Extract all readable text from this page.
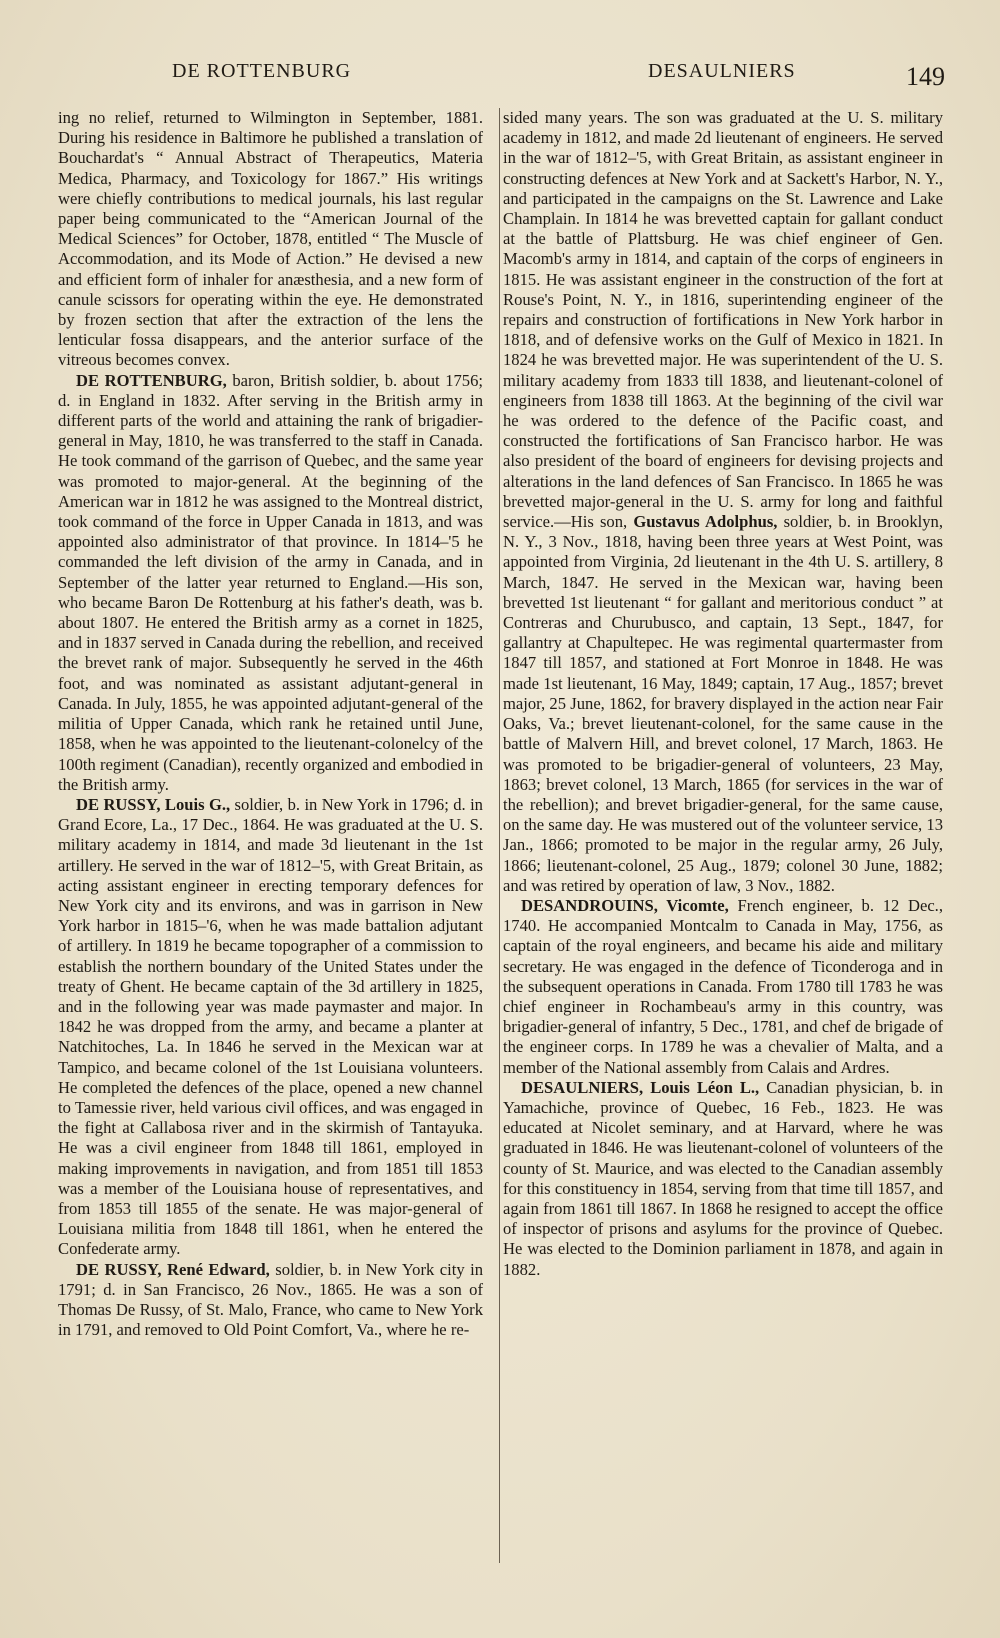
DE ROTTENBURG	DESAULNIERS	149

ing no relief, returned to Wilmington in September, 1881. During his residence in Baltimore he published a translation of Bouchardat's “ Annual Abstract of Therapeutics, Materia Medica, Pharmacy, and Toxicology for 1867.” His writings were chiefly contributions to medical journals, his last regular paper being communicated to the “American Journal of the Medical Sciences” for October, 1878, entitled “ The Muscle of Accommodation, and its Mode of Action.” He devised a new and efficient form of inhaler for anæsthesia, and a new form of canule scissors for operating within the eye. He demonstrated by frozen section that after the extraction of the lens the lenticular fossa disappears, and the anterior surface of the vitreous becomes convex.

DE ROTTENBURG, baron, British soldier, b. about 1756; d. in England in 1832. After serving in the British army in different parts of the world and attaining the rank of brigadier-general in May, 1810, he was transferred to the staff in Canada. He took command of the garrison of Quebec, and the same year was promoted to major-general. At the beginning of the American war in 1812 he was assigned to the Montreal district, took command of the force in Upper Canada in 1813, and was appointed also administrator of that province. In 1814–'5 he commanded the left division of the army in Canada, and in September of the latter year returned to England.—His son, who became Baron De Rottenburg at his father's death, was b. about 1807. He entered the British army as a cornet in 1825, and in 1837 served in Canada during the rebellion, and received the brevet rank of major. Subsequently he served in the 46th foot, and was nominated as assistant adjutant-general in Canada. In July, 1855, he was appointed adjutant-general of the militia of Upper Canada, which rank he retained until June, 1858, when he was appointed to the lieutenant-colonelcy of the 100th regiment (Canadian), recently organized and embodied in the British army.

DE RUSSY, Louis G., soldier, b. in New York in 1796; d. in Grand Ecore, La., 17 Dec., 1864. He was graduated at the U. S. military academy in 1814, and made 3d lieutenant in the 1st artillery. He served in the war of 1812–'5, with Great Britain, as acting assistant engineer in erecting temporary defences for New York city and its environs, and was in garrison in New York harbor in 1815–'6, when he was made battalion adjutant of artillery. In 1819 he became topographer of a commission to establish the northern boundary of the United States under the treaty of Ghent. He became captain of the 3d artillery in 1825, and in the following year was made paymaster and major. In 1842 he was dropped from the army, and became a planter at Natchitoches, La. In 1846 he served in the Mexican war at Tampico, and became colonel of the 1st Louisiana volunteers. He completed the defences of the place, opened a new channel to Tamessie river, held various civil offices, and was engaged in the fight at Callabosa river and in the skirmish of Tantayuka. He was a civil engineer from 1848 till 1861, employed in making improvements in navigation, and from 1851 till 1853 was a member of the Louisiana house of representatives, and from 1853 till 1855 of the senate. He was major-general of Louisiana militia from 1848 till 1861, when he entered the Confederate army.

DE RUSSY, René Edward, soldier, b. in New York city in 1791; d. in San Francisco, 26 Nov., 1865. He was a son of Thomas De Russy, of St. Malo, France, who came to New York in 1791, and removed to Old Point Comfort, Va., where he re-

sided many years. The son was graduated at the U. S. military academy in 1812, and made 2d lieutenant of engineers. He served in the war of 1812–'5, with Great Britain, as assistant engineer in constructing defences at New York and at Sackett's Harbor, N. Y., and participated in the campaigns on the St. Lawrence and Lake Champlain. In 1814 he was brevetted captain for gallant conduct at the battle of Plattsburg. He was chief engineer of Gen. Macomb's army in 1814, and captain of the corps of engineers in 1815. He was assistant engineer in the construction of the fort at Rouse's Point, N. Y., in 1816, superintending engineer of the repairs and construction of fortifications in New York harbor in 1818, and of defensive works on the Gulf of Mexico in 1821. In 1824 he was brevetted major. He was superintendent of the U. S. military academy from 1833 till 1838, and lieutenant-colonel of engineers from 1838 till 1863. At the beginning of the civil war he was ordered to the defence of the Pacific coast, and constructed the fortifications of San Francisco harbor. He was also president of the board of engineers for devising projects and alterations in the land defences of San Francisco. In 1865 he was brevetted major-general in the U. S. army for long and faithful service.—His son, Gustavus Adolphus, soldier, b. in Brooklyn, N. Y., 3 Nov., 1818, having been three years at West Point, was appointed from Virginia, 2d lieutenant in the 4th U. S. artillery, 8 March, 1847. He served in the Mexican war, having been brevetted 1st lieutenant “ for gallant and meritorious conduct ” at Contreras and Churubusco, and captain, 13 Sept., 1847, for gallantry at Chapultepec. He was regimental quartermaster from 1847 till 1857, and stationed at Fort Monroe in 1848. He was made 1st lieutenant, 16 May, 1849; captain, 17 Aug., 1857; brevet major, 25 June, 1862, for bravery displayed in the action near Fair Oaks, Va.; brevet lieutenant-colonel, for the same cause in the battle of Malvern Hill, and brevet colonel, 17 March, 1863. He was promoted to be brigadier-general of volunteers, 23 May, 1863; brevet colonel, 13 March, 1865 (for services in the war of the rebellion); and brevet brigadier-general, for the same cause, on the same day. He was mustered out of the volunteer service, 13 Jan., 1866; promoted to be major in the regular army, 26 July, 1866; lieutenant-colonel, 25 Aug., 1879; colonel 30 June, 1882; and was retired by operation of law, 3 Nov., 1882.

DESANDROUINS, Vicomte, French engineer, b. 12 Dec., 1740. He accompanied Montcalm to Canada in May, 1756, as captain of the royal engineers, and became his aide and military secretary. He was engaged in the defence of Ticonderoga and in the subsequent operations in Canada. From 1780 till 1783 he was chief engineer in Rochambeau's army in this country, was brigadier-general of infantry, 5 Dec., 1781, and chef de brigade of the engineer corps. In 1789 he was a chevalier of Malta, and a member of the National assembly from Calais and Ardres.

DESAULNIERS, Louis Léon L., Canadian physician, b. in Yamachiche, province of Quebec, 16 Feb., 1823. He was educated at Nicolet seminary, and at Harvard, where he was graduated in 1846. He was lieutenant-colonel of volunteers of the county of St. Maurice, and was elected to the Canadian assembly for this constituency in 1854, serving from that time till 1857, and again from 1861 till 1867. In 1868 he resigned to accept the office of inspector of prisons and asylums for the province of Quebec. He was elected to the Dominion parliament in 1878, and again in 1882.
